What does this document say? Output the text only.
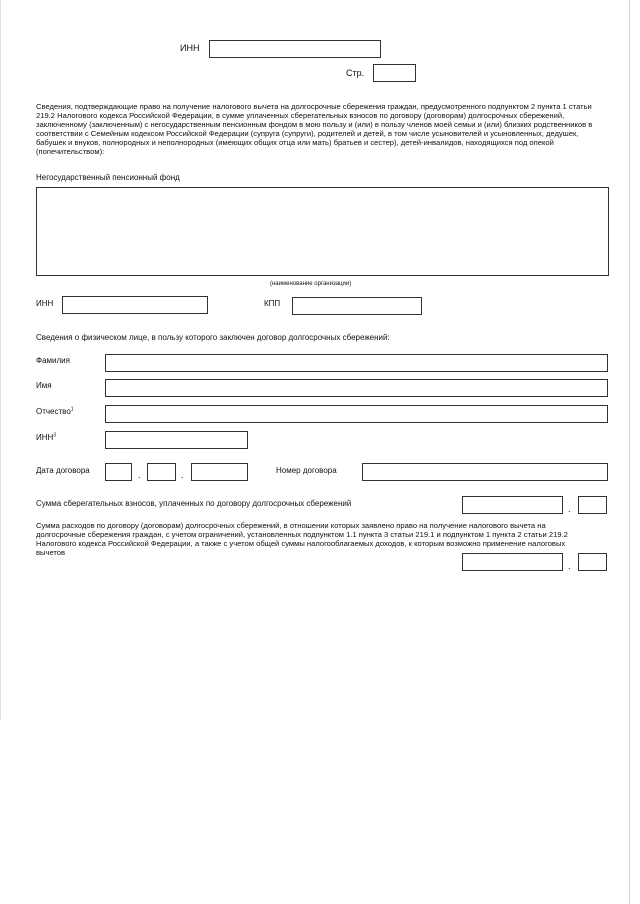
ИНН
Стр.
Сведения, подтверждающие право на получение налогового вычета на долгосрочные сбережения граждан, предусмотренного подпунктом 2 пункта 1 статьи 219.2 Налогового кодекса Российской Федерации, в сумме уплаченных сберегательных взносов по договору (договорам) долгосрочных сбережений, заключенному (заключенным) с негосударственным пенсионным фондом в мою пользу и (или) в пользу членов моей семьи и (или) близких родственников в соответствии с Семейным кодексом Российской Федерации (супруга (супруги), родителей и детей, в том числе усыновителей и усыновленных, дедушек, бабушек и внуков, полнородных и неполнородных (имеющих общих отца или мать) братьев и сестер), детей-инвалидов, находящихся под опекой (попечительством):
Негосударственный пенсионный фонд
(наименование организации)
ИНН	КПП
Сведения о физическом лице, в пользу которого заключен договор долгосрочных сбережений:
Фамилия
Имя
Отчество$^1$
ИНН$^3$
Дата договора	.	.	Номер договора
Сумма сберегательных взносов, уплаченных по договору долгосрочных сбережений
.
Сумма расходов по договору (договорам) долгосрочных сбережений, в отношении которых заявлено право на получение налогового вычета на долгосрочные сбережения граждан, с учетом ограничений, установленных подпунктом 1.1 пункта 3 статьи 219.1 и подпунктом 1 пункта 2 статьи 219.2 Налогового кодекса Российской Федерации, а также с учетом общей суммы налогооблагаемых доходов, к которым возможно применение налоговых вычетов
.
